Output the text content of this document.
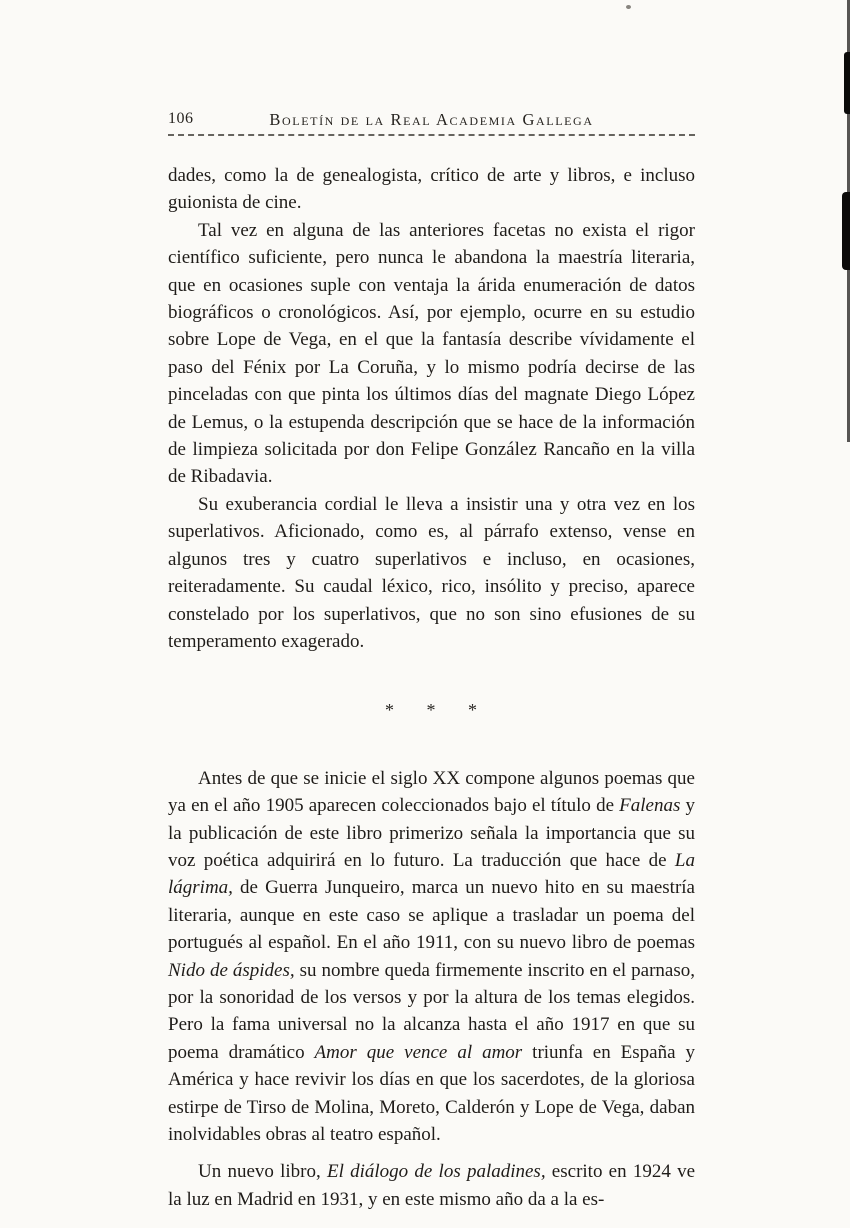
106	Boletín de la Real Academia Gallega

dades, como la de genealogista, crítico de arte y libros, e incluso guionista de cine.

Tal vez en alguna de las anteriores facetas no exista el rigor científico suficiente, pero nunca le abandona la maestría literaria, que en ocasiones suple con ventaja la árida enumeración de datos biográficos o cronológicos. Así, por ejemplo, ocurre en su estudio sobre Lope de Vega, en el que la fantasía describe vívidamente el paso del Fénix por La Coruña, y lo mismo podría decirse de las pinceladas con que pinta los últimos días del magnate Diego López de Lemus, o la estupenda descripción que se hace de la información de limpieza solicitada por don Felipe González Rancaño en la villa de Ribadavia.

Su exuberancia cordial le lleva a insistir una y otra vez en los superlativos. Aficionado, como es, al párrafo extenso, vense en algunos tres y cuatro superlativos e incluso, en ocasiones, reiteradamente. Su caudal léxico, rico, insólito y preciso, aparece constelado por los superlativos, que no son sino efusiones de su temperamento exagerado.

* * *

Antes de que se inicie el siglo XX compone algunos poemas que ya en el año 1905 aparecen coleccionados bajo el título de Falenas y la publicación de este libro primerizo señala la importancia que su voz poética adquirirá en lo futuro. La traducción que hace de La lágrima, de Guerra Junqueiro, marca un nuevo hito en su maestría literaria, aunque en este caso se aplique a trasladar un poema del portugués al español. En el año 1911, con su nuevo libro de poemas Nido de áspides, su nombre queda firmemente inscrito en el parnaso, por la sonoridad de los versos y por la altura de los temas elegidos. Pero la fama universal no la alcanza hasta el año 1917 en que su poema dramático Amor que vence al amor triunfa en España y América y hace revivir los días en que los sacerdotes, de la gloriosa estirpe de Tirso de Molina, Moreto, Calderón y Lope de Vega, daban inolvidables obras al teatro español.

Un nuevo libro, El diálogo de los paladines, escrito en 1924 ve la luz en Madrid en 1931, y en este mismo año da a la es-
